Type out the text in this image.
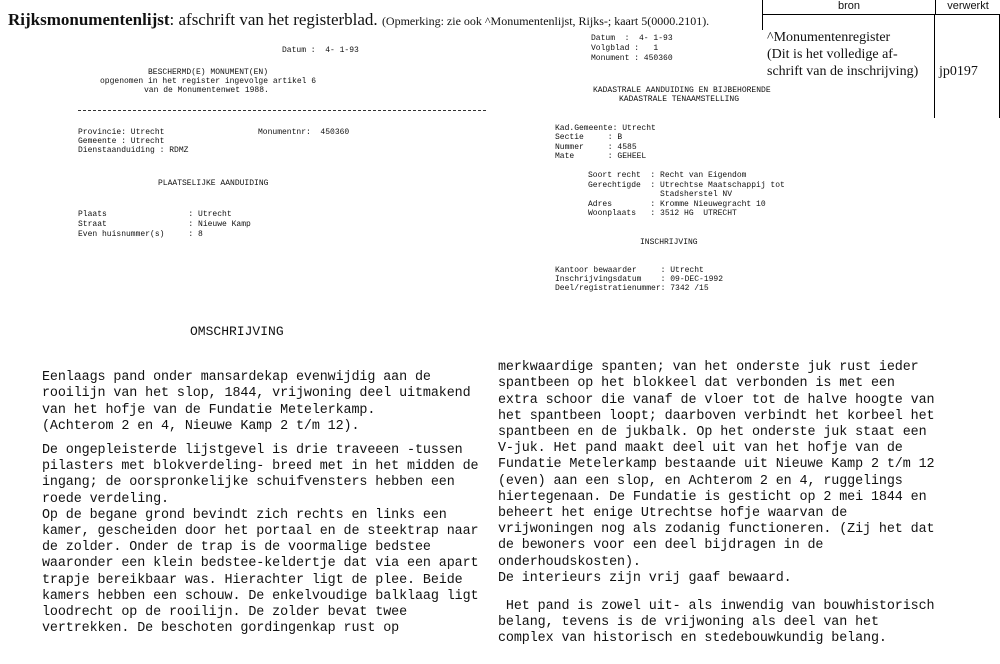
Rijksmonumentenlijst: afschrift van het registerblad. (Opmerking: zie ook ^Monumentenlijst, Rijks-; kaart 5(0000.2101).
bron	verwerkt
^Monumentenregister
(Dit is het volledige af-
schrift van de inschrijving) jp0197
Datum :  4- 1-93
BESCHERMD(E) MONUMENT(EN)
opgenomen in het register ingevolge artikel 6
van de Monumentenwet 1988.
Provincie: Utrecht	Monumentnr:  450360
Gemeente : Utrecht
Dienstaanduiding : RDMZ
PLAATSELIJKE AANDUIDING
Plaats                 : Utrecht
Straat                 : Nieuwe Kamp
Even huisnummer(s)     : 8
Datum  :  4- 1-93
Volgblad :   1
Monument : 450360
KADASTRALE AANDUIDING EN BIJBEHORENDE
KADASTRALE TENAAMSTELLING
Kad.Gemeente: Utrecht
Sectie     : B
Nummer     : 4585
Mate       : GEHEEL
Soort recht  : Recht van Eigendom
Gerechtigde  : Utrechtse Maatschappij tot
Stadsherstel NV
Adres        : Kromme Nieuwegracht 10
Woonplaats   : 3512 HG  UTRECHT
INSCHRIJVING
Kantoor bewaarder     : Utrecht
Inschrijvingsdatum    : 09-DEC-1992
Deel/registratienummer: 7342 /15
OMSCHRIJVING

Eenlaags pand onder mansardekap evenwijdig aan de
rooilijn van het slop, 1844, vrijwoning deel uitmakend
van het hofje van de Fundatie Metelerkamp.
(Achterom 2 en 4, Nieuwe Kamp 2 t/m 12).
De ongepleisterde lijstgevel is drie traveeen -tussen
pilasters met blokverdeling- breed met in het midden de
ingang; de oorspronkelijke schuifvensters hebben een
roede verdeling.
Op de begane grond bevindt zich rechts en links een
kamer, gescheiden door het portaal en de steektrap naar
de zolder. Onder de trap is de voormalige bedstee
waaronder een klein bedstee-keldertje dat via een apart
trapje bereikbaar was. Hierachter ligt de plee. Beide
kamers hebben een schouw. De enkelvoudige balklaag ligt
loodrecht op de rooilijn. De zolder bevat twee
vertrekken. De beschoten gordingenkap rust op

merkwaardige spanten; van het onderste juk rust ieder
spantbeen op het blokkeel dat verbonden is met een
extra schoor die vanaf de vloer tot de halve hoogte van
het spantbeen loopt; daarboven verbindt het korbeel het
spantbeen en de jukbalk. Op het onderste juk staat een
V-juk. Het pand maakt deel uit van het hofje van de
Fundatie Metelerkamp bestaande uit Nieuwe Kamp 2 t/m 12
(even) aan een slop, en Achterom 2 en 4, ruggelings
hiertegenaan. De Fundatie is gesticht op 2 mei 1844 en
beheert het enige Utrechtse hofje waarvan de
vrijwoningen nog als zodanig functioneren. (Zij het dat
de bewoners voor een deel bijdragen in de
onderhoudskosten).
De interieurs zijn vrij gaaf bewaard.
Het pand is zowel uit- als inwendig van bouwhistorisch
belang, tevens is de vrijwoning als deel van het
complex van historisch en stedebouwkundig belang.
